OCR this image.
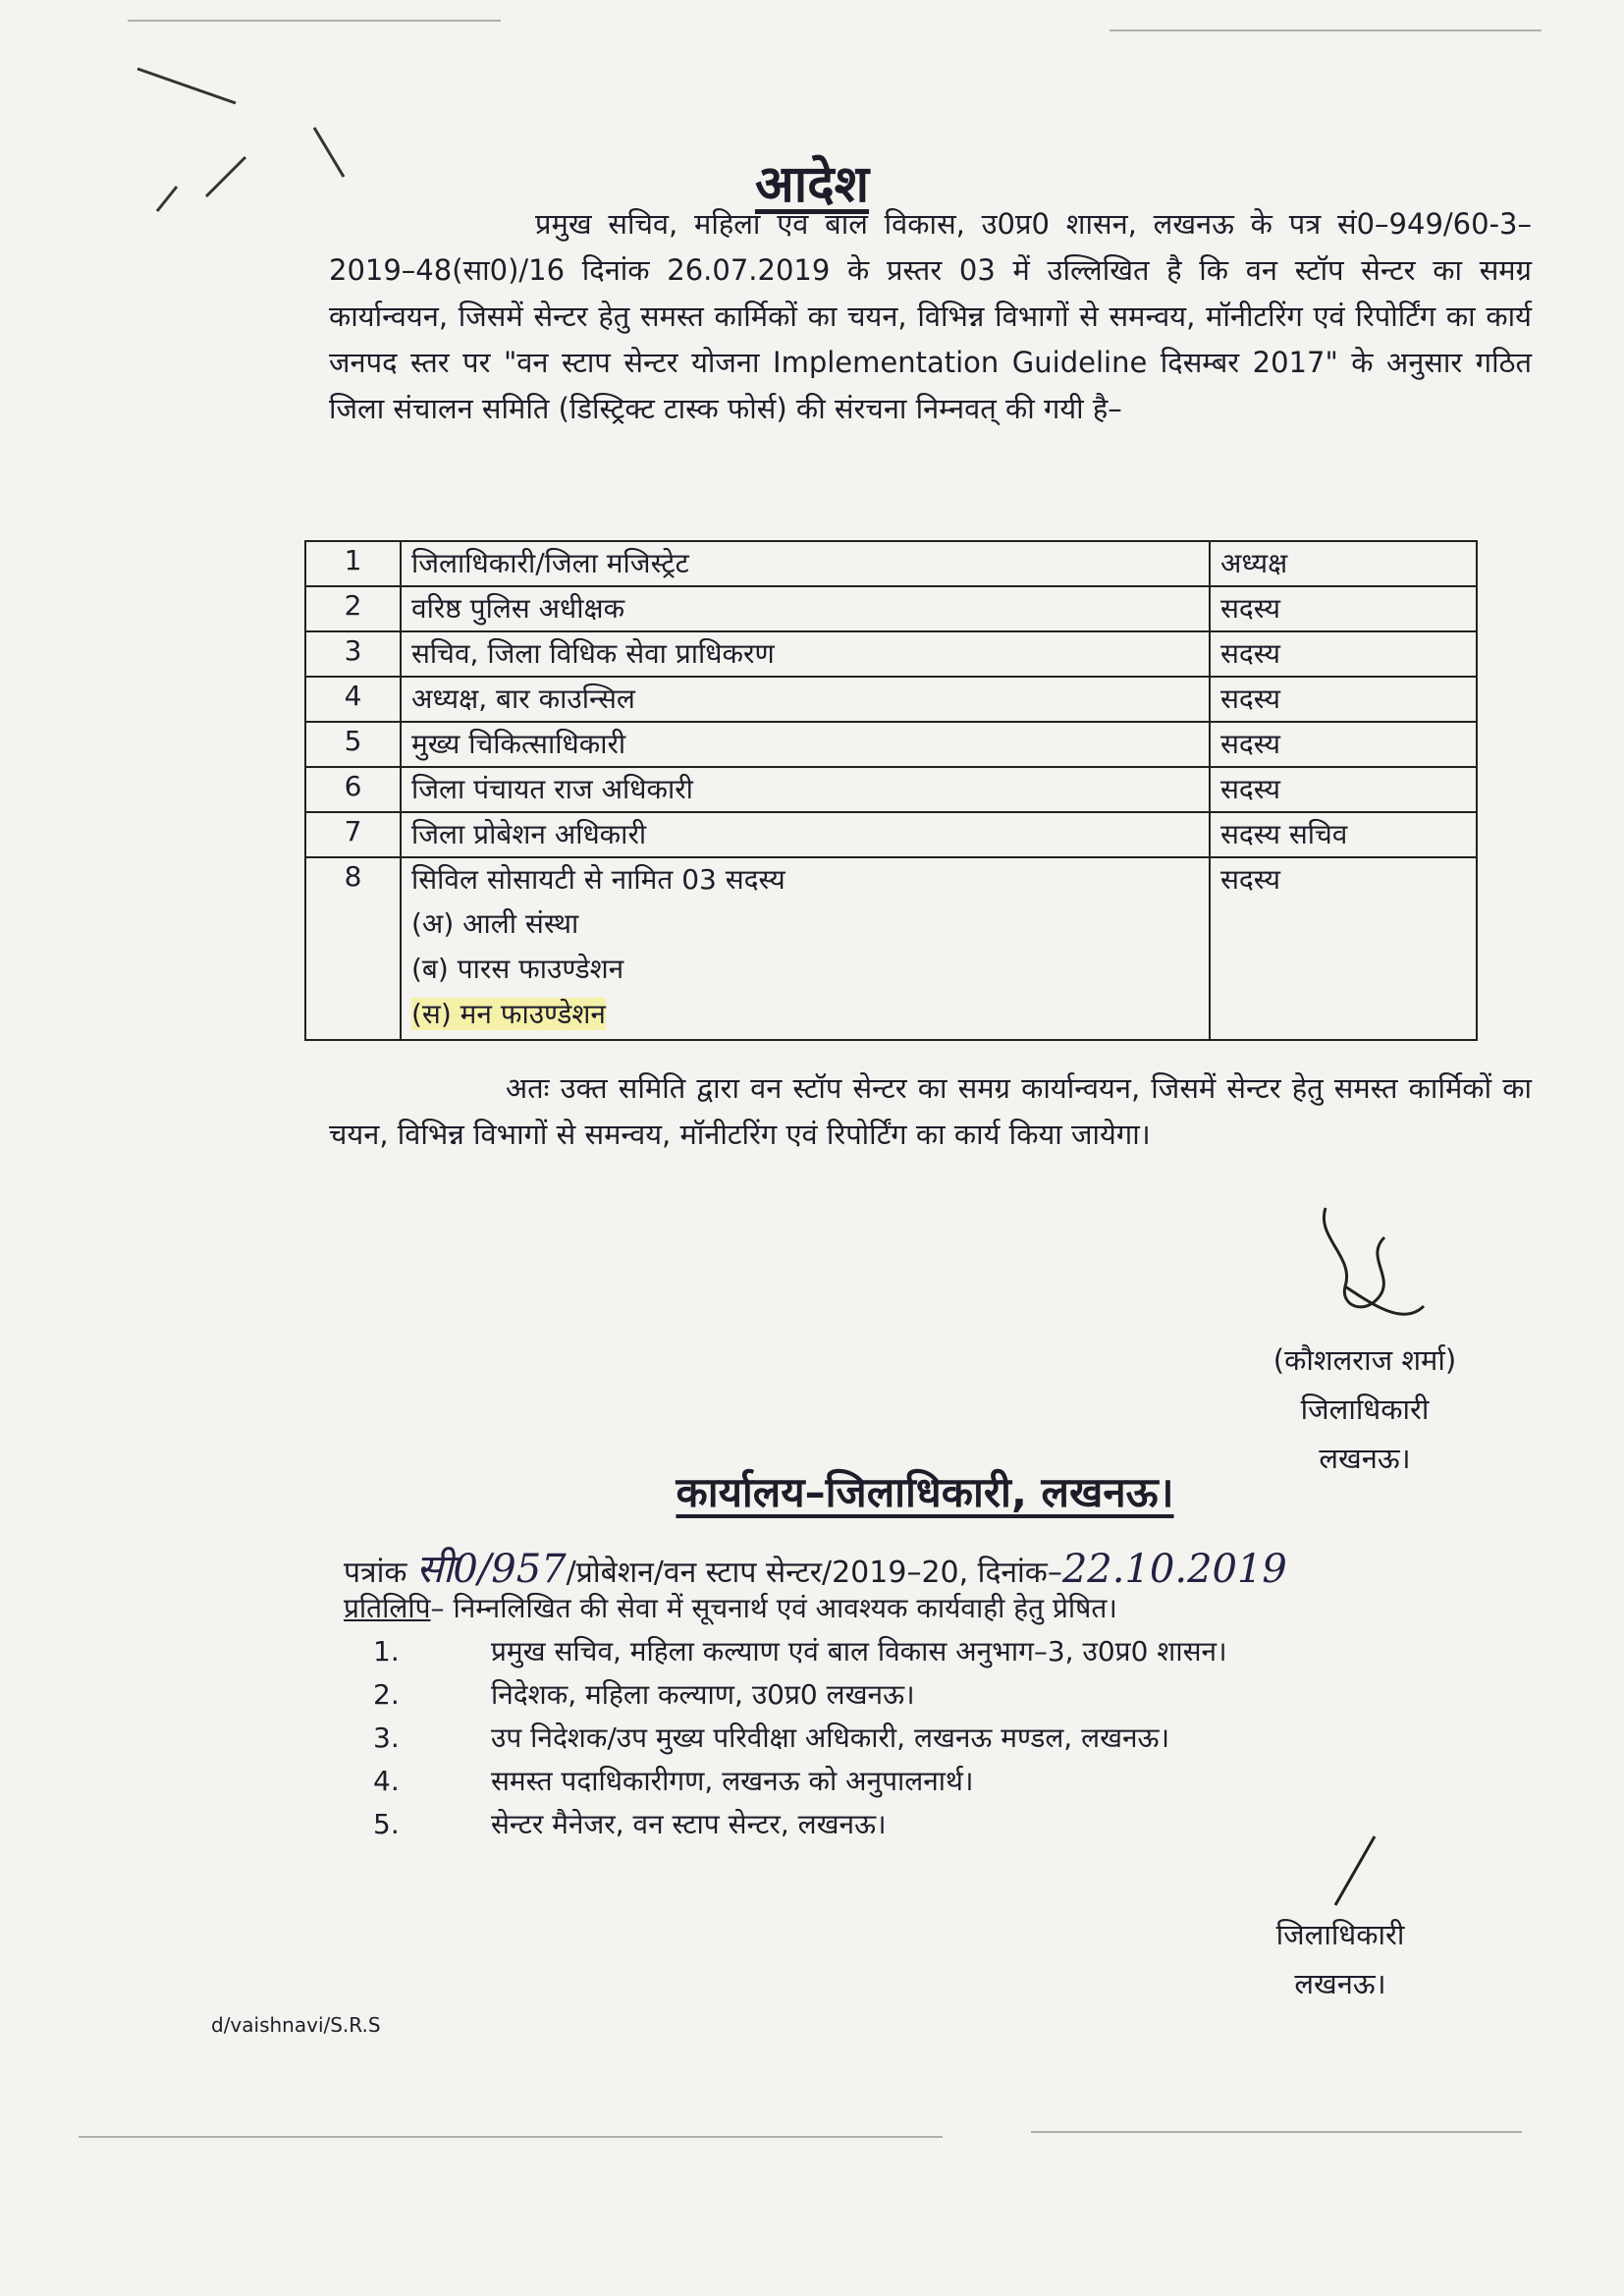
आदेश
प्रमुख सचिव, महिला एवं बाल विकास, उ0प्र0 शासन, लखनऊ के पत्र सं0–949/60-3–2019–48(सा0)/16 दिनांक 26.07.2019 के प्रस्तर 03 में उल्लिखित है कि वन स्टॉप सेन्टर का समग्र कार्यान्वयन, जिसमें सेन्टर हेतु समस्त कार्मिकों का चयन, विभिन्न विभागों से समन्वय, मॉनीटरिंग एवं रिपोर्टिंग का कार्य जनपद स्तर पर "वन स्टाप सेन्टर योजना Implementation Guideline दिसम्बर 2017" के अनुसार गठित जिला संचालन समिति (डिस्ट्रिक्ट टास्क फोर्स) की संरचना निम्नवत् की गयी है–
1	जिलाधिकारी/जिला मजिस्ट्रेट	अध्यक्ष
2	वरिष्ठ पुलिस अधीक्षक	सदस्य
3	सचिव, जिला विधिक सेवा प्राधिकरण	सदस्य
4	अध्यक्ष, बार काउन्सिल	सदस्य
5	मुख्य चिकित्साधिकारी	सदस्य
6	जिला पंचायत राज अधिकारी	सदस्य
7	जिला प्रोबेशन अधिकारी	सदस्य सचिव
8	सिविल सोसायटी से नामित 03 सदस्य
(अ) आली संस्था
(ब) पारस फाउण्डेशन
(स) मन फाउण्डेशन	सदस्य
अतः उक्त समिति द्वारा वन स्टॉप सेन्टर का समग्र कार्यान्वयन, जिसमें सेन्टर हेतु समस्त कार्मिकों का चयन, विभिन्न विभागों से समन्वय, मॉनीटरिंग एवं रिपोर्टिंग का कार्य किया जायेगा।
(कौशलराज शर्मा)
जिलाधिकारी
लखनऊ।
कार्यालय–जिलाधिकारी, लखनऊ।
पत्रांक सी0/957/प्रोबेशन/वन स्टाप सेन्टर/2019–20, दिनांक–22.10.2019
प्रतिलिपि– निम्नलिखित की सेवा में सूचनार्थ एवं आवश्यक कार्यवाही हेतु प्रेषित।
1.	प्रमुख सचिव, महिला कल्याण एवं बाल विकास अनुभाग–3, उ0प्र0 शासन।
2.	निदेशक, महिला कल्याण, उ0प्र0 लखनऊ।
3.	उप निदेशक/उप मुख्य परिवीक्षा अधिकारी, लखनऊ मण्डल, लखनऊ।
4.	समस्त पदाधिकारीगण, लखनऊ को अनुपालनार्थ।
5.	सेन्टर मैनेजर, वन स्टाप सेन्टर, लखनऊ।
जिलाधिकारी
लखनऊ।
d/vaishnavi/S.R.S
